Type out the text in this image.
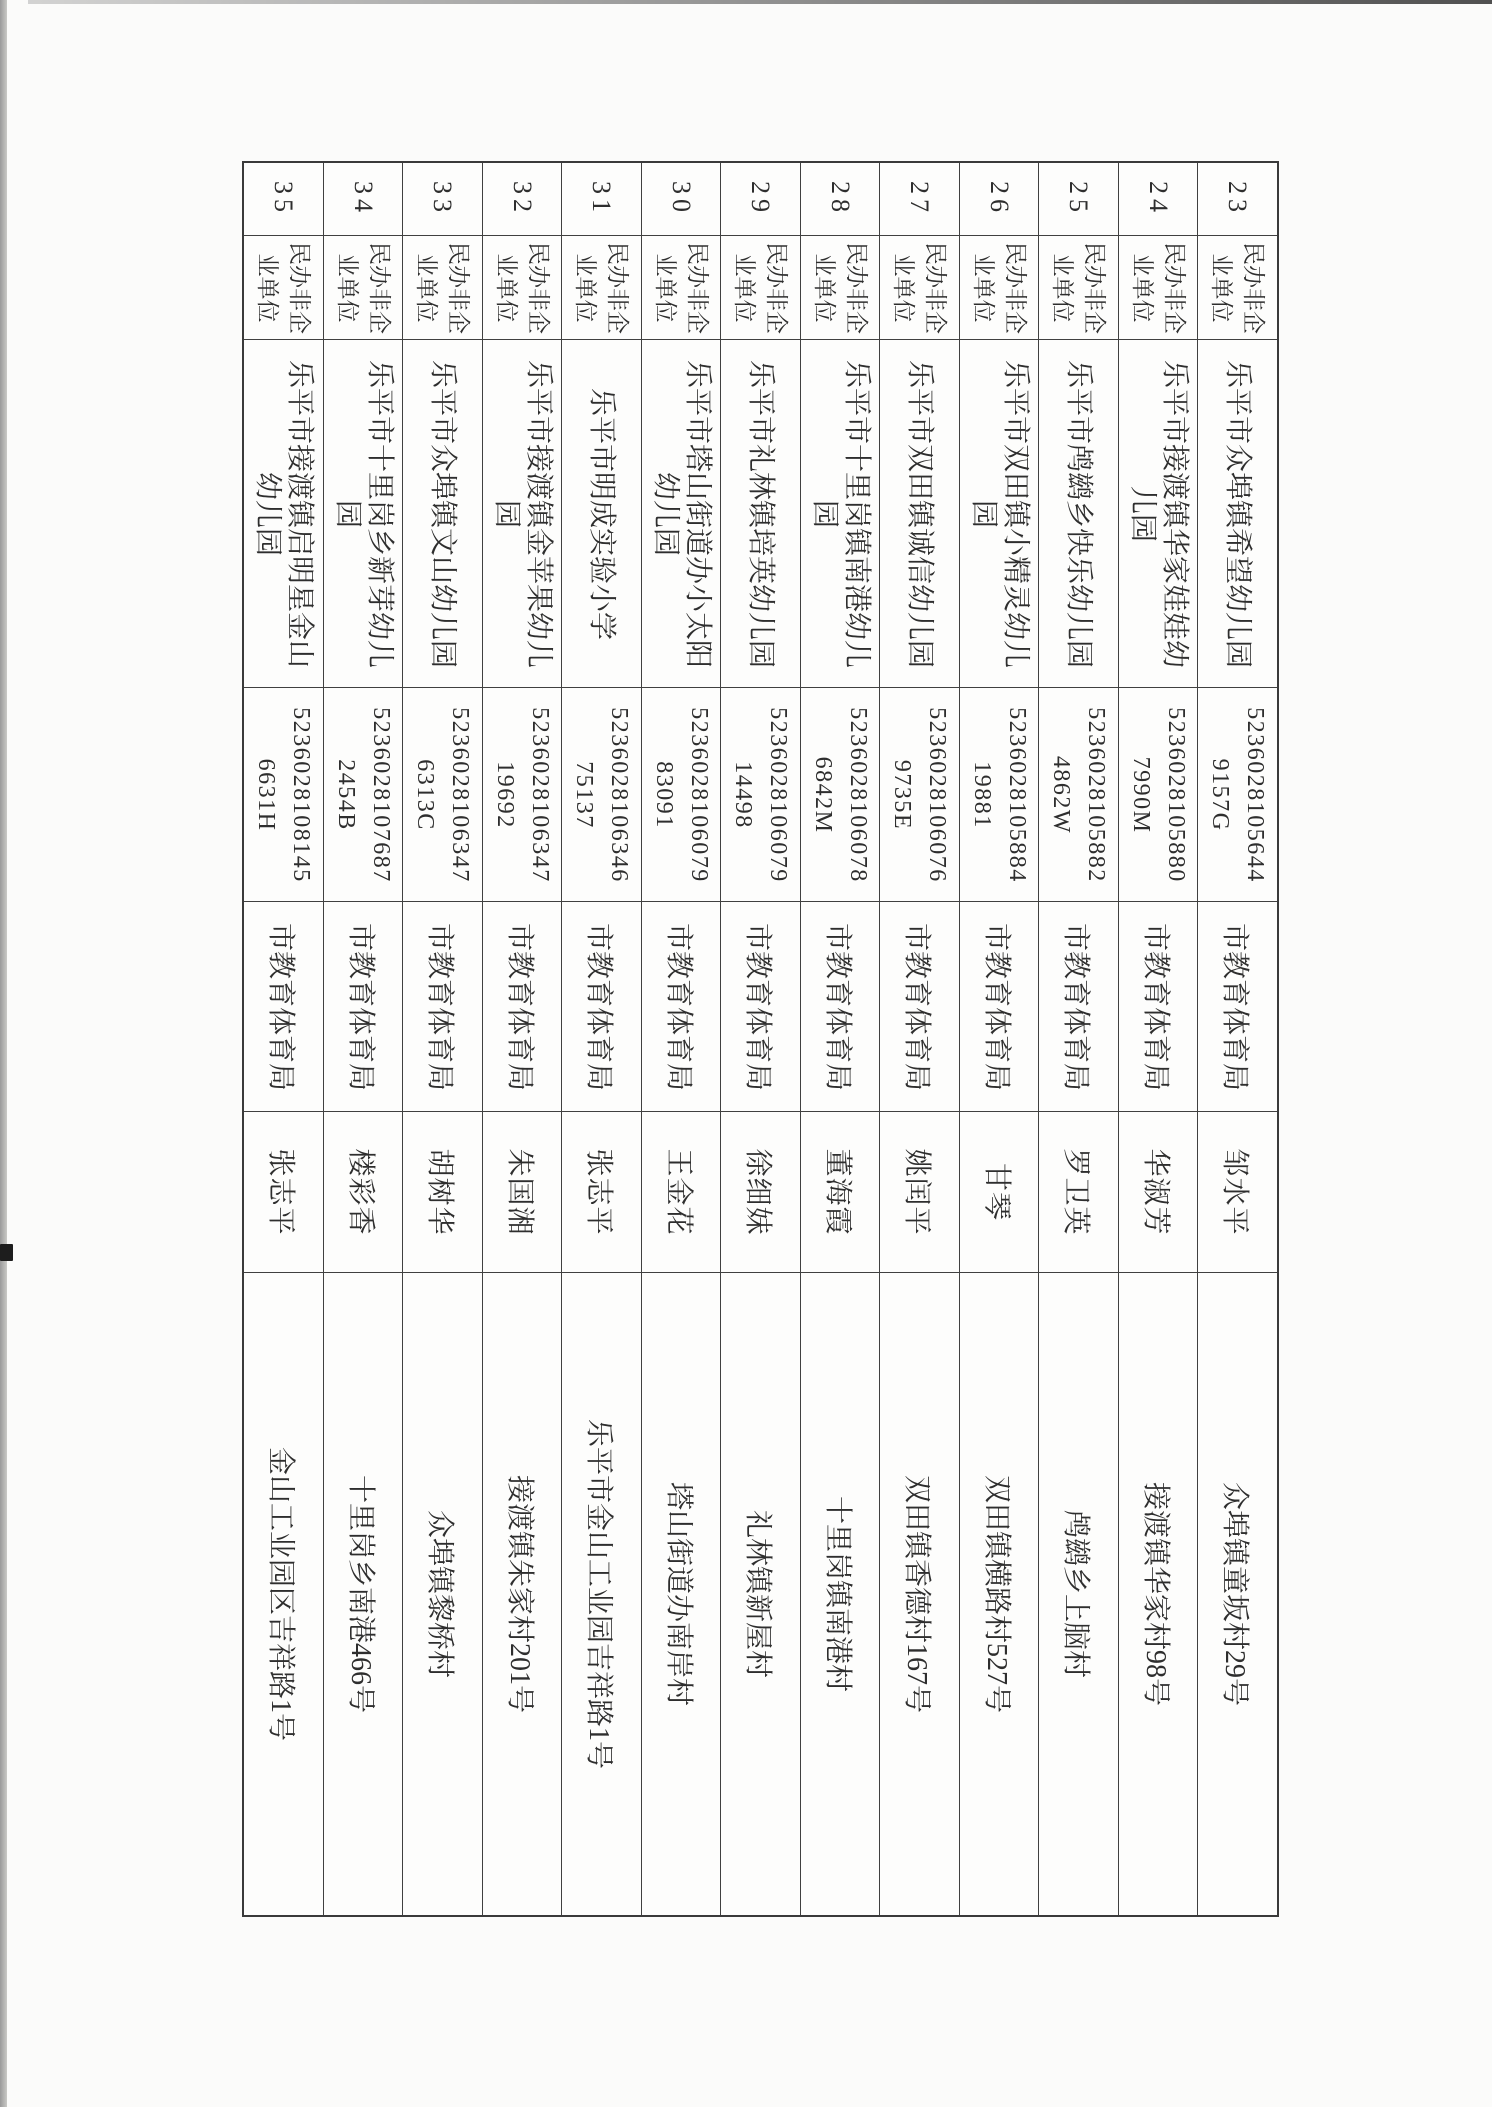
35
民办非企业单位
乐平市接渡镇启明星金山幼儿园
5236028108145 6631H
市教育体育局
张志平
金山工业园区吉祥路1号
34
民办非企业单位
乐平市十里岗乡新芽幼儿园
5236028107687 2454B
市教育体育局
楼彩香
十里岗乡南港466号
33
民办非企业单位
乐平市众埠镇文山幼儿园
5236028106347 6313C
市教育体育局
胡树华
众埠镇黎桥村
32
民办非企业单位
乐平市接渡镇金苹果幼儿园
5236028106347 19692
市教育体育局
朱国湘
接渡镇朱家村201号
31
民办非企业单位
乐平市明成实验小学
5236028106346 75137
市教育体育局
张志平
乐平市金山工业园吉祥路1号
30
民办非企业单位
乐平市塔山街道办小太阳幼儿园
5236028106079 83091
市教育体育局
王金花
塔山街道办南岸村
29
民办非企业单位
乐平市礼林镇培英幼儿园
5236028106079 14498
市教育体育局
徐细妹
礼林镇新屋村
28
民办非企业单位
乐平市十里岗镇南港幼儿园
5236028106078 6842M
市教育体育局
董海霞
十里岗镇南港村
27
民办非企业单位
乐平市双田镇诚信幼儿园
5236028106076 9735E
市教育体育局
姚闰平
双田镇香德村167号
26
民办非企业单位
乐平市双田镇小精灵幼儿园
5236028105884 19881
市教育体育局
甘琴
双田镇横路村527号
25
民办非企业单位
乐平市鸬鹚乡快乐幼儿园
5236028105882 4862W
市教育体育局
罗卫英
鸬鹚乡上脑村
24
民办非企业单位
乐平市接渡镇华家娃娃幼儿园
5236028105880 7990M
市教育体育局
华淑芳
接渡镇华家村98号
23
民办非企业单位
乐平市众埠镇希望幼儿园
5236028105644 9157G
市教育体育局
邹水平
众埠镇童坂村29号
